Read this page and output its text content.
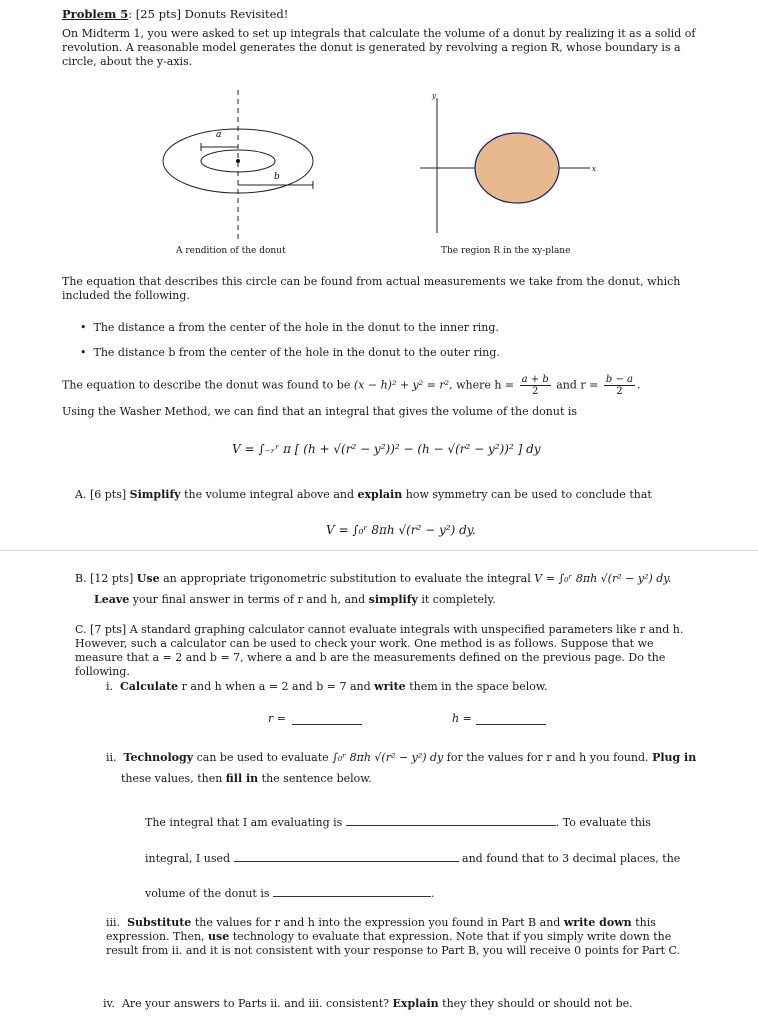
Problem 5: [25 pts] Donuts Revisited!
On Midterm 1, you were asked to set up integrals that calculate the volume of a donut by realizing it as a solid of revolution. A reasonable model generates the donut is generated by revolving a region R, whose boundary is a circle, about the y-axis.
a
b
A rendition of the donut
y
x
The region R in the xy-plane
The equation that describes this circle can be found from actual measurements we take from the donut, which included the following.
•  The distance a from the center of the hole in the donut to the inner ring.
•  The distance b from the center of the hole in the donut to the outer ring.
The equation to describe the donut was found to be (x − h)² + y² = r², where $h = \frac{a + b}{2}$ and $r = \frac{b - a}{2}$ .
Using the Washer Method, we can find that an integral that gives the volume of the donut is
V = ∫₋ᵣʳ π [ (h + √(r² − y²))² − (h − √(r² − y²))² ] dy
A. [6 pts] Simplify the volume integral above and explain how symmetry can be used to conclude that
V = ∫₀ʳ 8πh √(r² − y²) dy.
B. [12 pts] Use an appropriate trigonometric substitution to evaluate the integral V = ∫₀ʳ 8πh √(r² − y²) dy.
Leave your final answer in terms of r and h, and simplify it completely.
C. [7 pts] A standard graphing calculator cannot evaluate integrals with unspecified parameters like r and h. However, such a calculator can be used to check your work. One method is as follows. Suppose that we measure that a = 2 and b = 7, where a and b are the measurements defined on the previous page. Do the following.
i. Calculate r and h when a = 2 and b = 7 and write them in the space below.
r =	h =
ii. Technology can be used to evaluate ∫₀ʳ 8πh √(r² − y²) dy for the values for r and h you found. Plug in
these values, then fill in the sentence below.
The integral that I am evaluating is	. To evaluate this
integral, I used	and found that to 3 decimal places, the
volume of the donut is	.
iii. Substitute the values for r and h into the expression you found in Part B and write down this expression. Then, use technology to evaluate that expression. Note that if you simply write down the result from ii. and it is not consistent with your response to Part B, you will receive 0 points for Part C.
iv. Are your answers to Parts ii. and iii. consistent? Explain they they should or should not be.
